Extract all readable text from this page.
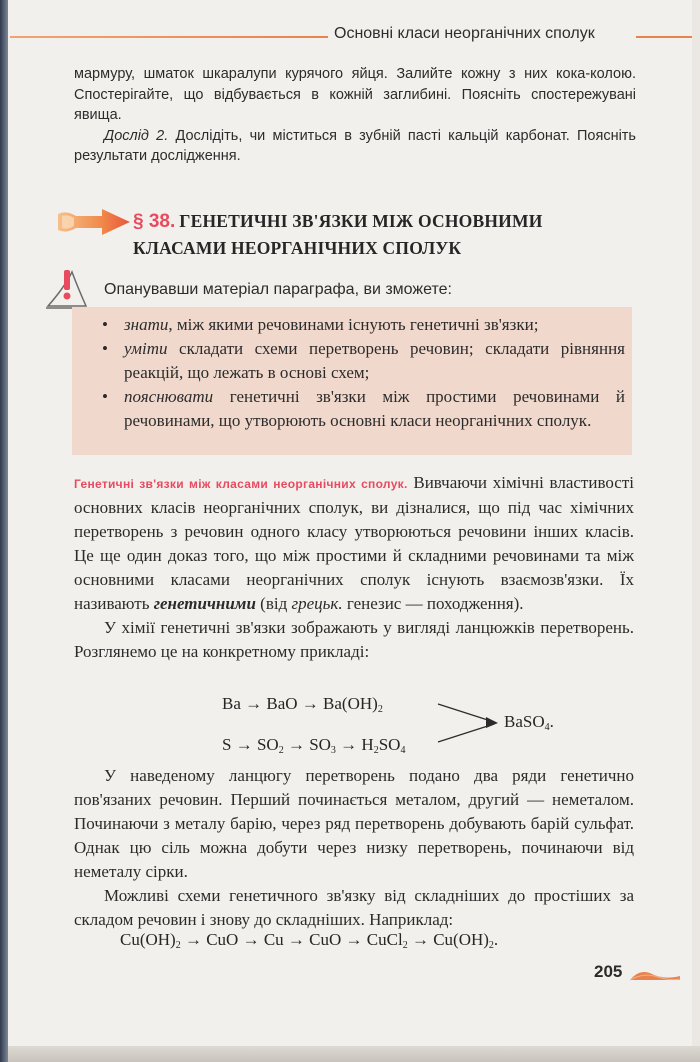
Основні класи неорганічних сполук

мармуру, шматок шкаралупи курячого яйця. Залийте кожну з них кока-колою. Спостерігайте, що відбувається в кожній заглибині. Поясніть спостережувані явища.

Дослід 2. Дослідіть, чи міститься в зубній пасті кальцій карбонат. Поясніть результати дослідження.

§ 38. ГЕНЕТИЧНІ ЗВ'ЯЗКИ МІЖ ОСНОВНИМИ
КЛАСАМИ НЕОРГАНІЧНИХ СПОЛУК
Опанувавши матеріал параграфа, ви зможете:
• знати, між якими речовинами існують генетичні зв'язки;
• уміти складати схеми перетворень речовин; складати рівняння реакцій, що лежать в основі схем;
• пояснювати генетичні зв'язки між простими речовинами й речовинами, що утворюють основні класи неорганічних сполук.

Генетичні зв'язки між класами неорганічних сполук. Вивчаючи хімічні властивості основних класів неорганічних сполук, ви дізналися, що під час хімічних перетворень з речовин одного класу утворюються речовини інших класів. Це ще один доказ того, що між простими й складними речовинами та між основними класами неорганічних сполук існують взаємозв'язки. Їх називають генетичними (від грецьк. генезис — походження).

У хімії генетичні зв'язки зображають у вигляді ланцюжків перетворень. Розглянемо це на конкретному прикладі:

Ba → BaO → $Ba(OH)_2$
BaSO$_4$.
$S \to SO_2 \to SO_3 \to H_2SO_4$

У наведеному ланцюгу перетворень подано два ряди генетично пов'язаних речовин. Перший починається металом, другий — неметалом. Починаючи з металу барію, через ряд перетворень добувають барій сульфат. Однак цю сіль можна добути через низку перетворень, починаючи від неметалу сірки.

Можливі схеми генетичного зв'язку від складніших до простіших за складом речовин і знову до складніших. Наприклад:

$Cu(OH)_2$ → CuO → Cu → CuO → CuCl$_2$ → $Cu(OH)_2$.
205
